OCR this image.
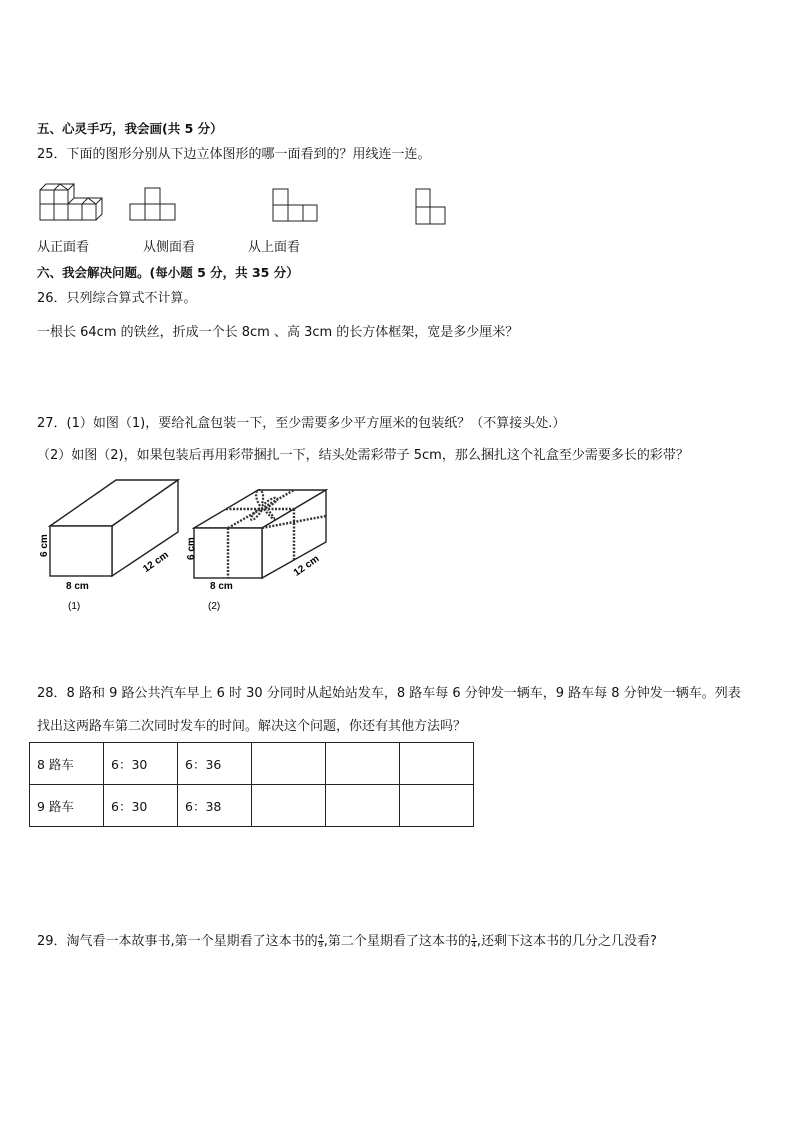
五、心灵手巧，我会画(共 5 分）
25．下面的图形分别从下边立体图形的哪一面看到的？用线连一连。
从正面看	从侧面看	从上面看
六、我会解决问题。(每小题 5 分，共 35 分）
26．只列综合算式不计算。
一根长 64cm 的铁丝，折成一个长 8cm 、高 3cm 的长方体框架，宽是多少厘米？
27．(1）如图（1)，要给礼盒包装一下，至少需要多少平方厘米的包装纸？（不算接头处.）
（2）如图（2)，如果包装后再用彩带捆扎一下，结头处需彩带子 5cm，那么捆扎这个礼盒至少需要多长的彩带？
6 cm
8 cm
12 cm
(1)
6 cm
8 cm
12 cm
(2)
28．8 路和 9 路公共汽车早上 6 时 30 分同时从起始站发车，8 路车每 6 分钟发一辆车，9 路车每 8 分钟发一辆车。列表
找出这两路车第二次同时发车的时间。解决这个问题，你还有其他方法吗？
8 路车	6：30	6：36			
9 路车	6：30	6：38			
29．淘气看一本故事书,第一个星期看了这本书的 $\frac{4}{9}$ ,第二个星期看了这本书的 $\frac{1}{4}$ ,还剩下这本书的几分之几没看?
